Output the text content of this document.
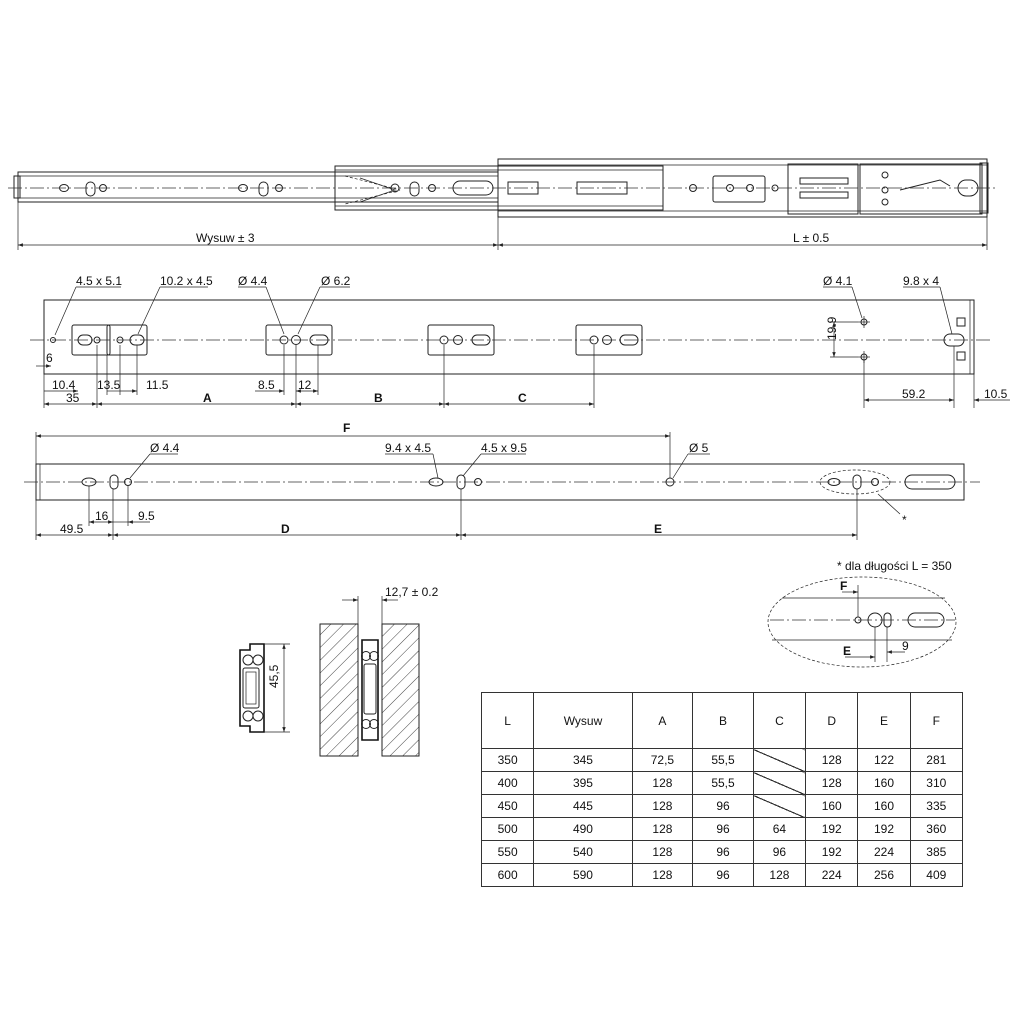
Wysuw ± 3	L ± 0.5
4.5 x 5.1	10.2 x 4.5 Ø 4.4	Ø 6.2	Ø 4.1	9.8 x 4
6
19.9
10.4 13.5 11.5	8.5 12
35	A	B	C	59.2	10.5
F
Ø 4.4	9.4 x 4.5	4.5 x 9.5	Ø 5
*
16 9.5
49.5	D	E
* dla długości L = 350
F
E	9
45,5
12,7 ± 0.2
L	Wysuw	A	B	C	D	E	F
350	345	72,5	55,5		128	122	281
400	395	128	55,5		128	160	310
450	445	128	96		160	160	335
500	490	128	96	64	192	192	360
550	540	128	96	96	192	224	385
600	590	128	96	128	224	256	409
